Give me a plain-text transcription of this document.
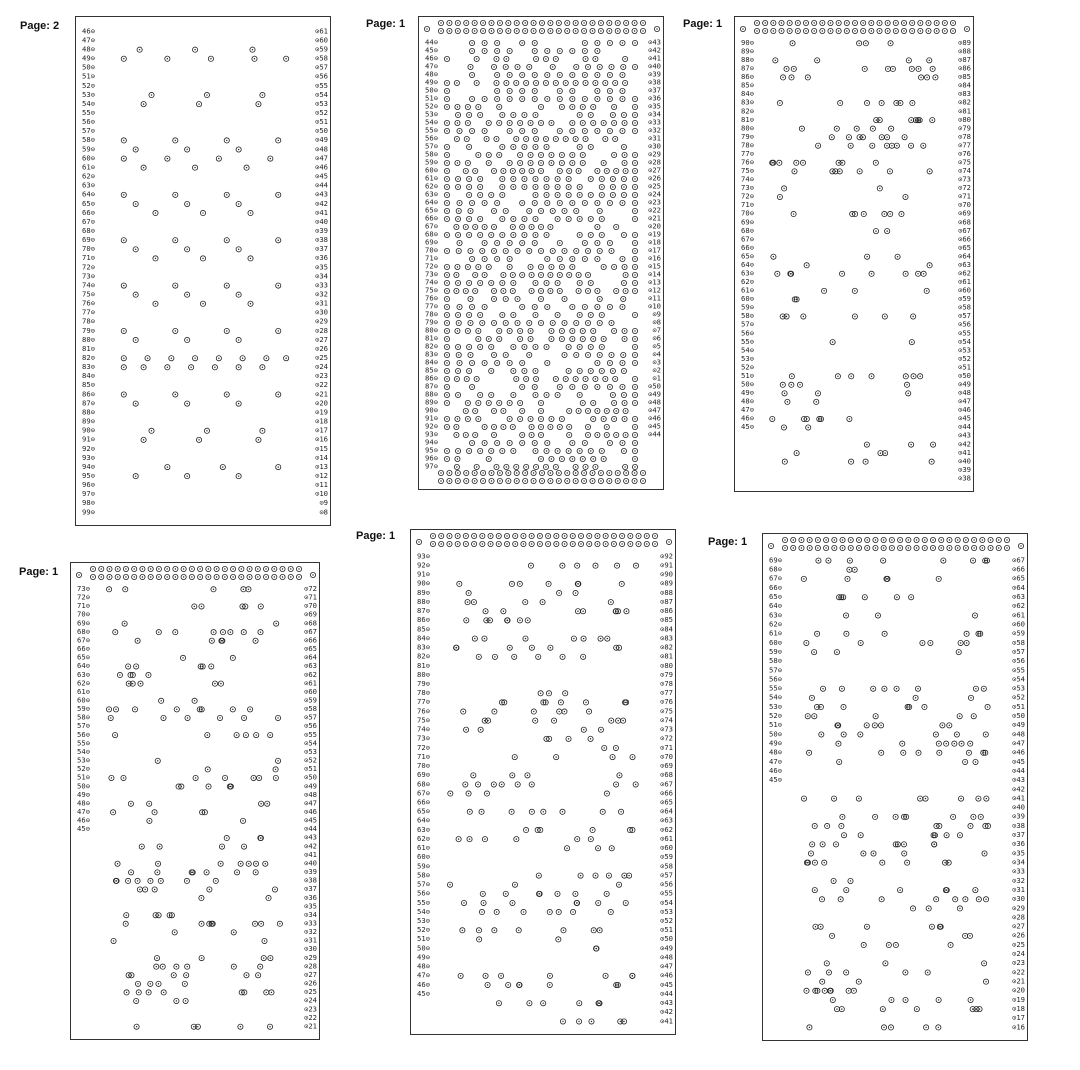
Page: 2	Page: 1	Page: 1
Page: 1
Page: 1	Page: 1
46⊙
47⊙
48⊙
49⊙
50⊙
51⊙
52⊙
53⊙
54⊙
55⊙
56⊙
57⊙
58⊙
59⊙
60⊙
61⊙
62⊙
63⊙
64⊙
65⊙
66⊙
67⊙
68⊙
69⊙
70⊙
71⊙
72⊙
73⊙
74⊙
75⊙
76⊙
77⊙
78⊙
79⊙
80⊙
81⊙
82⊙
83⊙
84⊙
85⊙
86⊙
87⊙
88⊙
89⊙
90⊙
91⊙
92⊙
93⊙
94⊙
95⊙
96⊙
97⊙
98⊙
99⊙
⊙61
⊙60
⊙59
⊙58
⊙57
⊙56
⊙55
⊙54
⊙53
⊙52
⊙51
⊙50
⊙49
⊙48
⊙47
⊙46
⊙45
⊙44
⊙43
⊙42
⊙41
⊙40
⊙39
⊙38
⊙37
⊙36
⊙35
⊙34
⊙33
⊙32
⊙31
⊙30
⊙29
⊙28
⊙27
⊙26
⊙25
⊙24
⊙23
⊙22
⊙21
⊙20
⊙19
⊙18
⊙17
⊙16
⊙15
⊙14
⊙13
⊙12
⊙11
⊙10
⊙9
⊙8
44⊙
45⊙
46⊙
47⊙
48⊙
49⊙
50⊙
51⊙
52⊙
53⊙
54⊙
55⊙
56⊙
57⊙
58⊙
59⊙
60⊙
61⊙
62⊙
63⊙
64⊙
65⊙
66⊙
67⊙
68⊙
69⊙
70⊙
71⊙
72⊙
73⊙
74⊙
75⊙
76⊙
77⊙
78⊙
79⊙
80⊙
81⊙
82⊙
83⊙
84⊙
85⊙
86⊙
87⊙
88⊙
89⊙
90⊙
91⊙
92⊙
93⊙
94⊙
95⊙
96⊙
97⊙
⊙43
⊙42
⊙41
⊙40
⊙39
⊙38
⊙37
⊙36
⊙35
⊙34
⊙33
⊙32
⊙31
⊙30
⊙29
⊙28
⊙27
⊙26
⊙25
⊙24
⊙23
⊙22
⊙21
⊙20
⊙19
⊙18
⊙17
⊙16
⊙15
⊙14
⊙13
⊙12
⊙11
⊙10
⊙9
⊙8
⊙7
⊙6
⊙5
⊙4
⊙3
⊙2
⊙1
⊙50
⊙49
⊙48
⊙47
⊙46
⊙45
⊙44
90⊙
89⊙
88⊙
87⊙
86⊙
85⊙
84⊙
83⊙
82⊙
81⊙
80⊙
79⊙
78⊙
77⊙
76⊙
75⊙
74⊙
73⊙
72⊙
71⊙
70⊙
69⊙
68⊙
67⊙
66⊙
65⊙
64⊙
63⊙
62⊙
61⊙
60⊙
59⊙
58⊙
57⊙
56⊙
55⊙
54⊙
53⊙
52⊙
51⊙
50⊙
49⊙
48⊙
47⊙
46⊙
45⊙
⊙89
⊙88
⊙87
⊙86
⊙85
⊙84
⊙83
⊙82
⊙81
⊙80
⊙79
⊙78
⊙77
⊙76
⊙75
⊙74
⊙73
⊙72
⊙71
⊙70
⊙69
⊙68
⊙67
⊙66
⊙65
⊙64
⊙63
⊙62
⊙61
⊙60
⊙59
⊙58
⊙57
⊙56
⊙55
⊙54
⊙53
⊙52
⊙51
⊙50
⊙49
⊙48
⊙47
⊙46
⊙45
⊙44
⊙43
⊙42
⊙41
⊙40
⊙39
⊙38
73⊙
72⊙
71⊙
70⊙
69⊙
68⊙
67⊙
66⊙
65⊙
64⊙
63⊙
62⊙
61⊙
60⊙
59⊙
58⊙
57⊙
56⊙
55⊙
54⊙
53⊙
52⊙
51⊙
50⊙
49⊙
48⊙
47⊙
46⊙
45⊙
⊙72
⊙71
⊙70
⊙69
⊙68
⊙67
⊙66
⊙65
⊙64
⊙63
⊙62
⊙61
⊙60
⊙59
⊙58
⊙57
⊙56
⊙55
⊙54
⊙53
⊙52
⊙51
⊙50
⊙49
⊙48
⊙47
⊙46
⊙45
⊙44
⊙43
⊙42
⊙41
⊙40
⊙39
⊙38
⊙37
⊙36
⊙35
⊙34
⊙33
⊙32
⊙31
⊙30
⊙29
⊙28
⊙27
⊙26
⊙25
⊙24
⊙23
⊙22
⊙21
93⊙
92⊙
91⊙
90⊙
89⊙
88⊙
87⊙
86⊙
85⊙
84⊙
83⊙
82⊙
81⊙
80⊙
79⊙
78⊙
77⊙
76⊙
75⊙
74⊙
73⊙
72⊙
71⊙
70⊙
69⊙
68⊙
67⊙
66⊙
65⊙
64⊙
63⊙
62⊙
61⊙
60⊙
59⊙
58⊙
57⊙
56⊙
55⊙
54⊙
53⊙
52⊙
51⊙
50⊙
49⊙
48⊙
47⊙
46⊙
45⊙
⊙92
⊙91
⊙90
⊙89
⊙88
⊙87
⊙86
⊙85
⊙84
⊙83
⊙82
⊙81
⊙80
⊙79
⊙78
⊙77
⊙76
⊙75
⊙74
⊙73
⊙72
⊙71
⊙70
⊙69
⊙68
⊙67
⊙66
⊙65
⊙64
⊙63
⊙62
⊙61
⊙60
⊙59
⊙58
⊙57
⊙56
⊙55
⊙54
⊙53
⊙52
⊙51
⊙50
⊙49
⊙48
⊙47
⊙46
⊙45
⊙44
⊙43
⊙42
⊙41
69⊙
68⊙
67⊙
66⊙
65⊙
64⊙
63⊙
62⊙
61⊙
60⊙
59⊙
58⊙
57⊙
56⊙
55⊙
54⊙
53⊙
52⊙
51⊙
50⊙
49⊙
48⊙
47⊙
46⊙
45⊙
⊙67
⊙66
⊙65
⊙64
⊙63
⊙62
⊙61
⊙60
⊙59
⊙58
⊙57
⊙56
⊙55
⊙54
⊙53
⊙52
⊙51
⊙50
⊙49
⊙48
⊙47
⊙46
⊙45
⊙44
⊙43
⊙42
⊙41
⊙40
⊙39
⊙38
⊙37
⊙36
⊙35
⊙34
⊙33
⊙32
⊙31
⊙30
⊙29
⊙28
⊙27
⊙26
⊙25
⊙24
⊙23
⊙22
⊙21
⊙20
⊙19
⊙18
⊙17
⊙16
